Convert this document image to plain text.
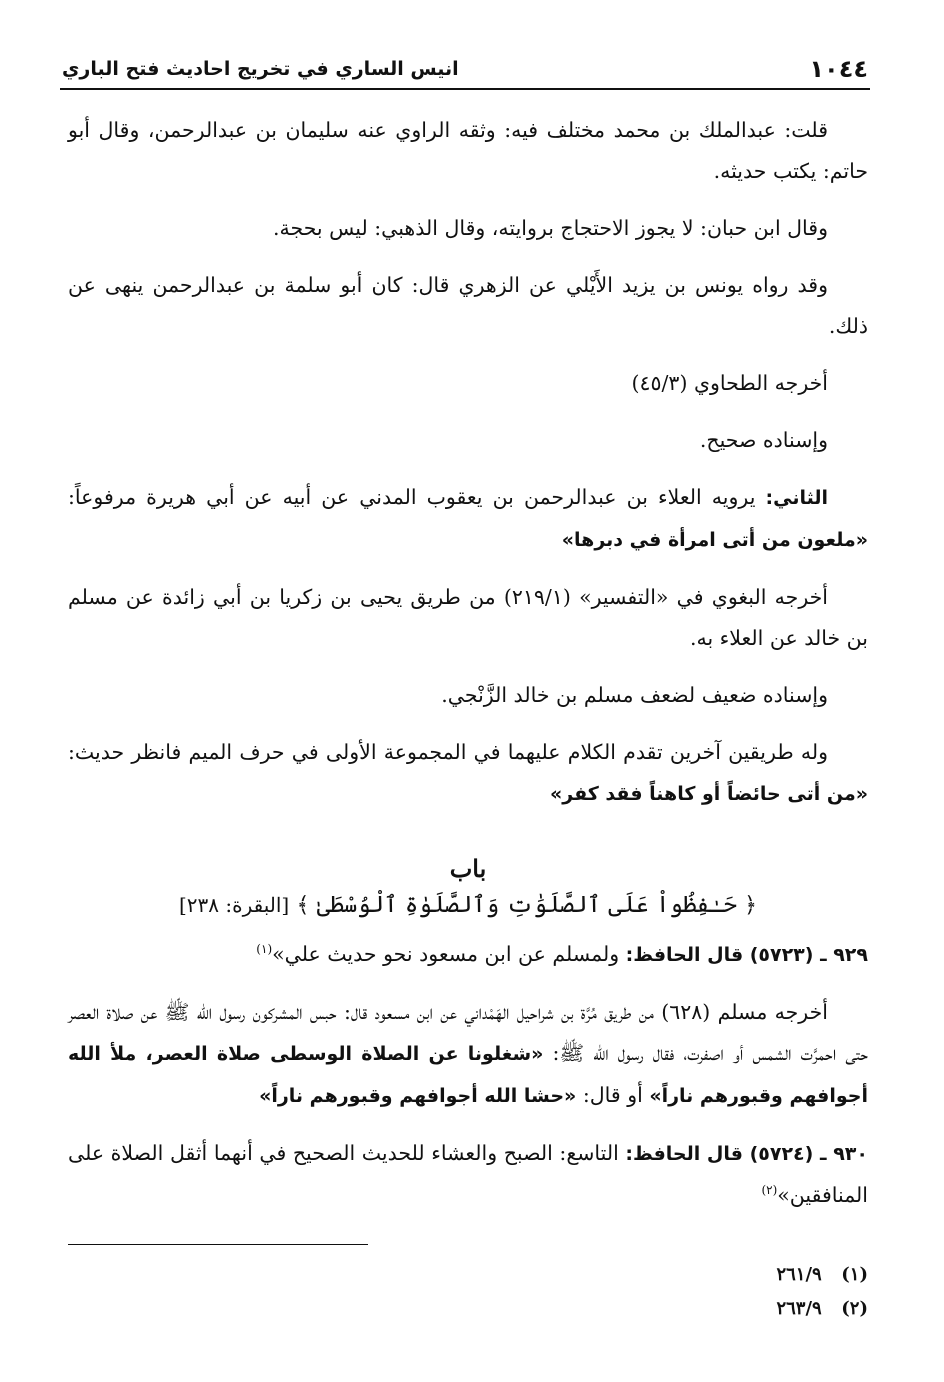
١٠٤٤
انيس الساري في تخريج احاديث فتح الباري

قلت: عبدالملك بن محمد مختلف فيه: وثقه الراوي عنه سليمان بن عبدالرحمن، وقال أبو حاتم: يكتب حديثه.

وقال ابن حبان: لا يجوز الاحتجاج بروايته، وقال الذهبي: ليس بحجة.

وقد رواه يونس بن يزيد الأَيْلي عن الزهري قال: كان أبو سلمة بن عبدالرحمن ينهى عن ذلك.

أخرجه الطحاوي (٤٥/٣)

وإسناده صحيح.

الثاني: يرويه العلاء بن عبدالرحمن بن يعقوب المدني عن أبيه عن أبي هريرة مرفوعاً: «ملعون من أتى امرأة في دبرها»

أخرجه البغوي في «التفسير» (٢١٩/١) من طريق يحيى بن زكريا بن أبي زائدة عن مسلم بن خالد عن العلاء به.

وإسناده ضعيف لضعف مسلم بن خالد الزَّنْجي.

وله طريقين آخرين تقدم الكلام عليهما في المجموعة الأولى في حرف الميم فانظر حديث: «من أتى حائضاً أو كاهناً فقد كفر»

باب
﴿ حَـٰفِظُواْ عَلَى ٱلصَّلَوَٰتِ وَٱلصَّلَوٰةِ ٱلْوُسْطَىٰ ﴾ [البقرة: ٢٣٨]
٩٢٩ ـ (٥٧٢٣) قال الحافظ: ولمسلم عن ابن مسعود نحو حديث علي»$^{(١)}$

أخرجه مسلم (٦٢٨) من طريق مُرَّة بن شراحيل الهَمْداني عن ابن مسعود قال: حبس المشركون رسول الله ﷺ عن صلاة العصر حتى احمرَّت الشمس أو اصفرت، فقال رسول الله ﷺ: «شغلونا عن الصلاة الوسطى صلاة العصر، ملأ الله أجوافهم وقبورهم ناراً» أو قال: «حشا الله أجوافهم وقبورهم ناراً»

٩٣٠ ـ (٥٧٢٤) قال الحافظ: التاسع: الصبح والعشاء للحديث الصحيح في أنهما أثقل الصلاة على المنافقين»$^{(٢)}$
(١) ٢٦١/٩
(٢) ٢٦٣/٩
